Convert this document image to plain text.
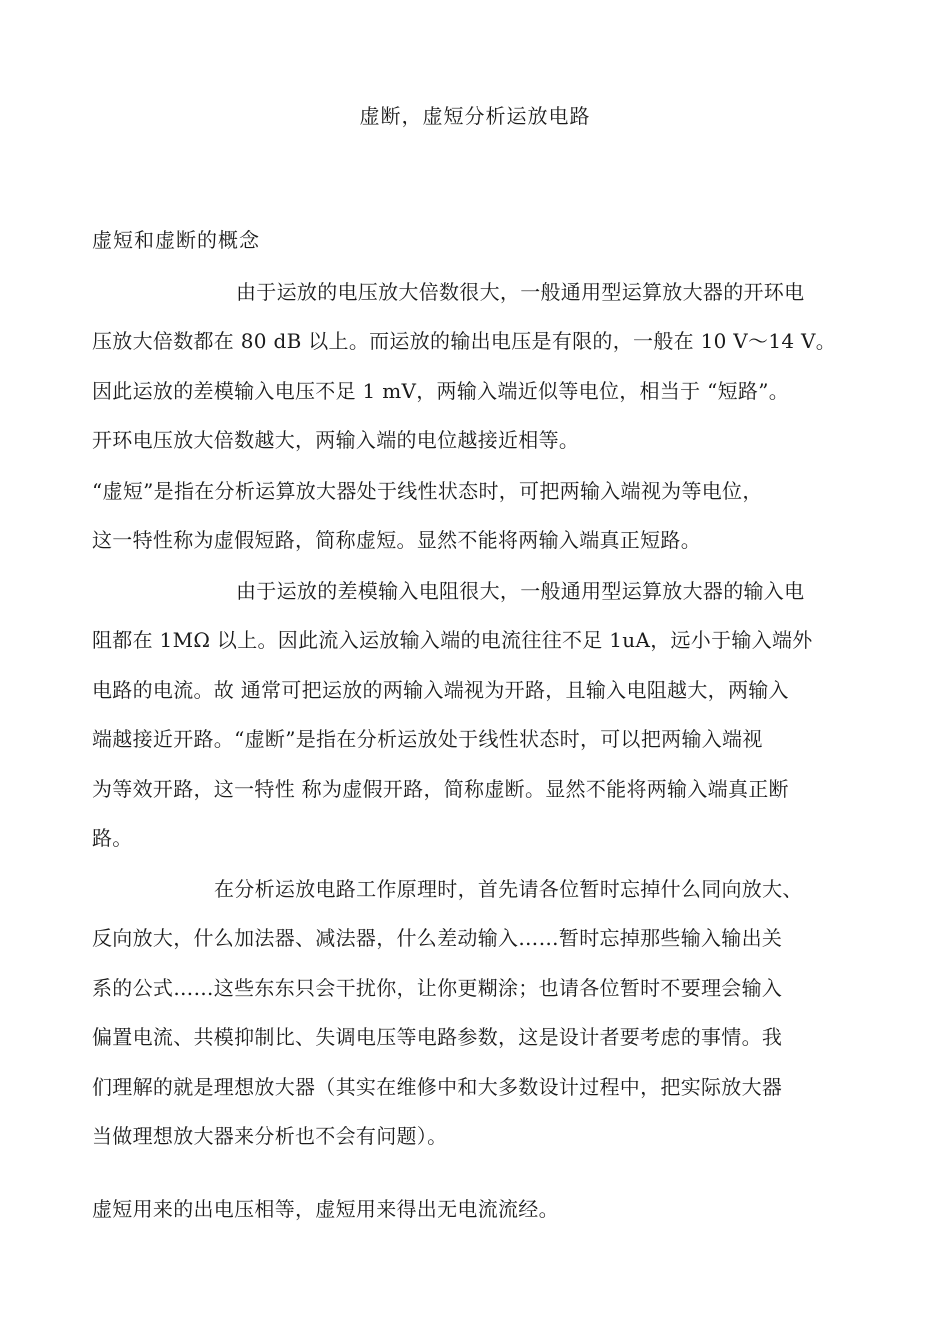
虚断，虚短分析运放电路
虚短和虚断的概念
由于运放的电压放大倍数很大，一般通用型运算放大器的开环电
压放大倍数都在 80 dB 以上。而运放的输出电压是有限的，一般在 10 V～14 V。
因此运放的差模输入电压不足 1 mV，两输入端近似等电位，相当于 “短路”。
开环电压放大倍数越大，两输入端的电位越接近相等。
“虚短”是指在分析运算放大器处于线性状态时，可把两输入端视为等电位，
这一特性称为虚假短路，简称虚短。显然不能将两输入端真正短路。
由于运放的差模输入电阻很大，一般通用型运算放大器的输入电
阻都在 1MΩ 以上。因此流入运放输入端的电流往往不足 1uA，远小于输入端外
电路的电流。故 通常可把运放的两输入端视为开路，且输入电阻越大，两输入
端越接近开路。“虚断”是指在分析运放处于线性状态时，可以把两输入端视
为等效开路，这一特性 称为虚假开路，简称虚断。显然不能将两输入端真正断
路。
在分析运放电路工作原理时，首先请各位暂时忘掉什么同向放大、
反向放大，什么加法器、减法器，什么差动输入……暂时忘掉那些输入输出关
系的公式……这些东东只会干扰你，让你更糊涂；也请各位暂时不要理会输入
偏置电流、共模抑制比、失调电压等电路参数，这是设计者要考虑的事情。我
们理解的就是理想放大器（其实在维修中和大多数设计过程中，把实际放大器
当做理想放大器来分析也不会有问题）。
虚短用来的出电压相等，虚短用来得出无电流流经。
